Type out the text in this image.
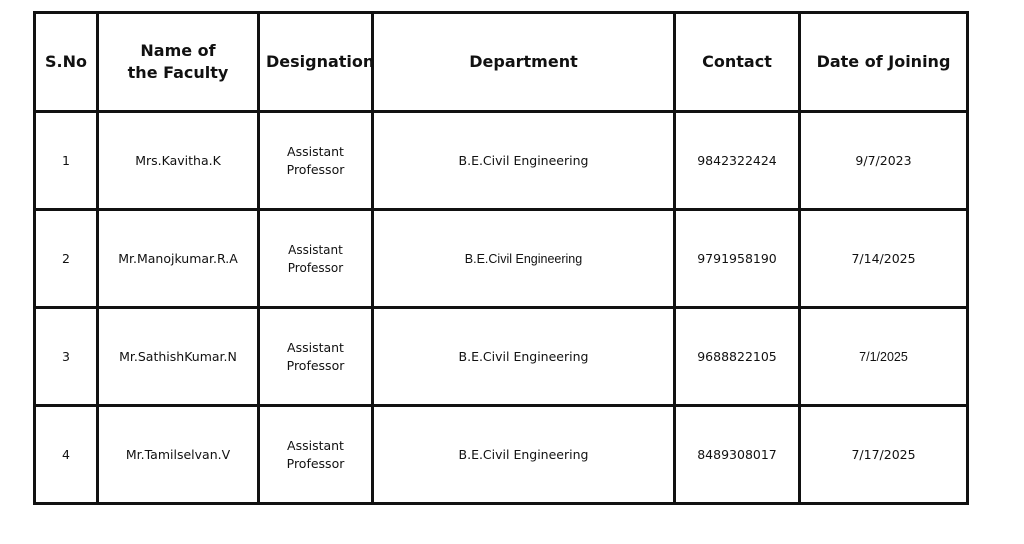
S.No	Name of the Faculty	Designation	Department	Contact	Date of Joining
1	Mrs.Kavitha.K	Assistant Professor	B.E.Civil Engineering	9842322424	9/7/2023
2	Mr.Manojkumar.R.A	Assistant Professor	B.E.Civil Engineering	9791958190	7/14/2025
3	Mr.SathishKumar.N	Assistant Professor	B.E.Civil Engineering	9688822105	7/1/2025
4	Mr.Tamilselvan.V	Assistant Professor	B.E.Civil Engineering	8489308017	7/17/2025
